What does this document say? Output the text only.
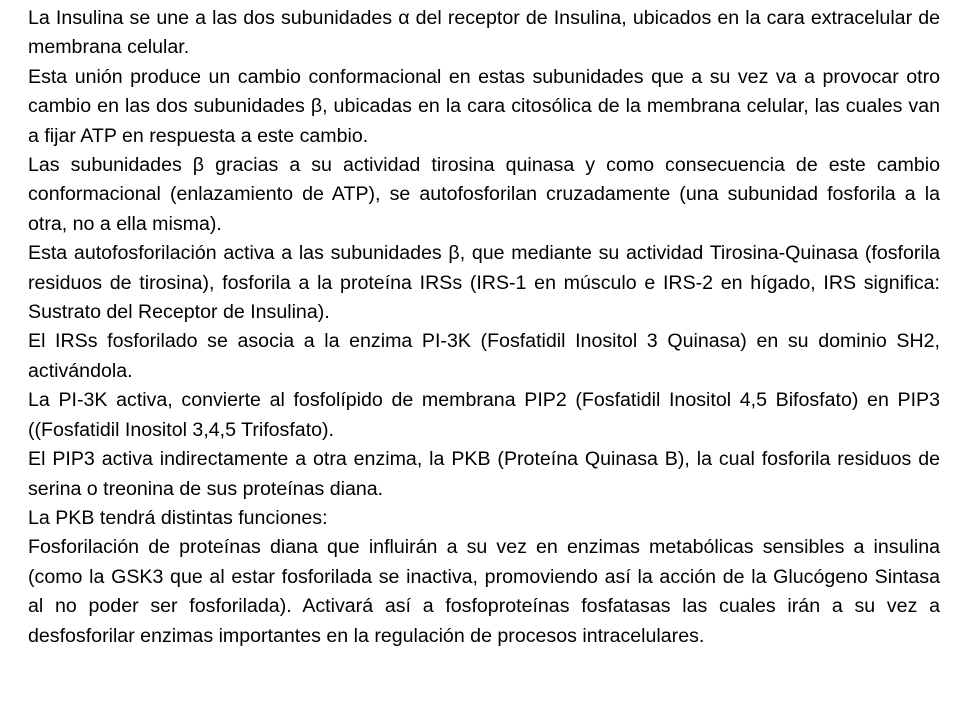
La Insulina se une a las dos subunidades α del receptor de Insulina, ubicados en la cara extracelular de membrana celular.

Esta unión produce un cambio conformacional en estas subunidades que a su vez va a provocar otro cambio en las dos subunidades β, ubicadas en la cara citosólica de la membrana celular, las cuales van a fijar ATP en respuesta a este cambio.

Las subunidades β gracias a su actividad tirosina quinasa y como consecuencia de este cambio conformacional (enlazamiento de ATP), se autofosforilan cruzadamente (una subunidad fosforila a la otra, no a ella misma).

Esta autofosforilación activa a las subunidades β, que mediante su actividad Tirosina-Quinasa (fosforila residuos de tirosina), fosforila a la proteína IRSs (IRS-1 en músculo e IRS-2 en hígado, IRS significa: Sustrato del Receptor de Insulina).

El IRSs fosforilado se asocia a la enzima PI-3K (Fosfatidil Inositol 3 Quinasa) en su dominio SH2, activándola.

La PI-3K activa, convierte al fosfolípido de membrana PIP2 (Fosfatidil Inositol 4,5 Bifosfato) en PIP3 ((Fosfatidil Inositol 3,4,5 Trifosfato).

El PIP3 activa indirectamente a otra enzima, la PKB (Proteína Quinasa B), la cual fosforila residuos de serina o treonina de sus proteínas diana.

La PKB tendrá distintas funciones:

Fosforilación de proteínas diana que influirán a su vez en enzimas metabólicas sensibles a insulina (como la GSK3 que al estar fosforilada se inactiva, promoviendo así la acción de la Glucógeno Sintasa al no poder ser fosforilada). Activará así a fosfoproteínas fosfatasas las cuales irán a su vez a desfosforilar enzimas importantes en la regulación de procesos intracelulares.
